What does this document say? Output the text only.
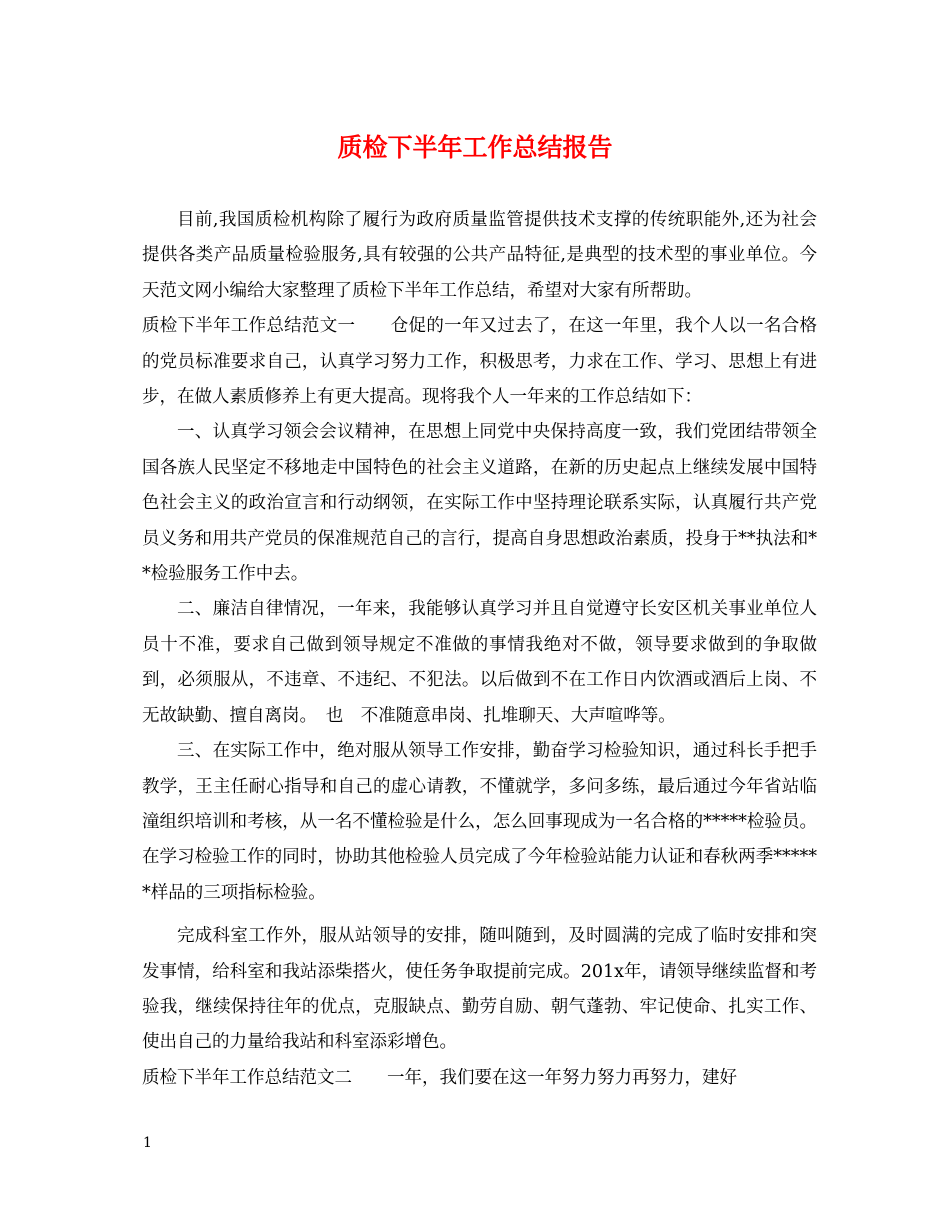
质检下半年工作总结报告

目前,我国质检机构除了履行为政府质量监管提供技术支撑的传统职能外,还为社会提供各类产品质量检验服务,具有较强的公共产品特征,是典型的技术型的事业单位。今天范文网小编给大家整理了质检下半年工作总结，希望对大家有所帮助。

质检下半年工作总结范文一　　仓促的一年又过去了，在这一年里，我个人以一名合格的党员标准要求自己，认真学习努力工作，积极思考，力求在工作、学习、思想上有进步，在做人素质修养上有更大提高。现将我个人一年来的工作总结如下：

一、认真学习领会会议精神，在思想上同党中央保持高度一致，我们党团结带领全国各族人民坚定不移地走中国特色的社会主义道路，在新的历史起点上继续发展中国特色社会主义的政治宣言和行动纲领，在实际工作中坚持理论联系实际，认真履行共产党员义务和用共产党员的保准规范自己的言行，提高自身思想政治素质，投身于**执法和**检验服务工作中去。

二、廉洁自律情况，一年来，我能够认真学习并且自觉遵守长安区机关事业单位人员十不准，要求自己做到领导规定不准做的事情我绝对不做，领导要求做到的争取做到，必须服从，不违章、不违纪、不犯法。以后做到不在工作日内饮酒或酒后上岗、不无故缺勤、擅自离岗。　也　不准随意串岗、扎堆聊天、大声喧哗等。

三、在实际工作中，绝对服从领导工作安排，勤奋学习检验知识，通过科长手把手教学，王主任耐心指导和自己的虚心请教，不懂就学，多问多练，最后通过今年省站临潼组织培训和考核，从一名不懂检验是什么，怎么回事现成为一名合格的*****检验员。在学习检验工作的同时，协助其他检验人员完成了今年检验站能力认证和春秋两季******样品的三项指标检验。

完成科室工作外，服从站领导的安排，随叫随到，及时圆满的完成了临时安排和突发事情，给科室和我站添柴搭火，使任务争取提前完成。201x年，请领导继续监督和考验我，继续保持往年的优点，克服缺点、勤劳自励、朝气蓬勃、牢记使命、扎实工作、使出自己的力量给我站和科室添彩增色。

质检下半年工作总结范文二　　一年，我们要在这一年努力努力再努力，建好

1
